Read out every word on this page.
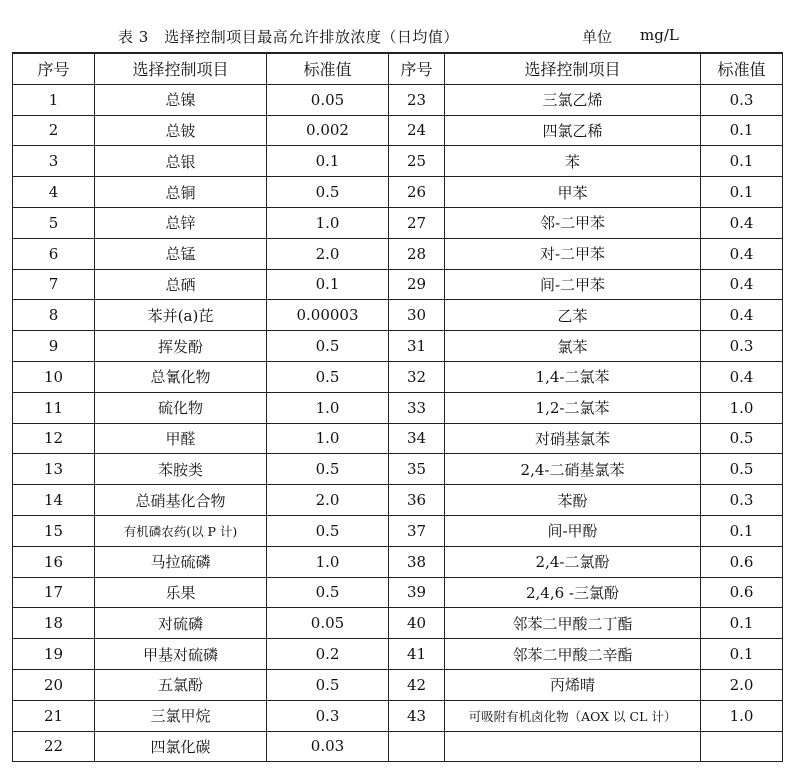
表 3　选择控制项目最高允许排放浓度（日均值）	单位 mg/L
序号	选择控制项目	标准值	序号	选择控制项目	标准值
1	总镍	0.05	23	三氯乙烯	0.3
2	总铍	0.002	24	四氯乙稀	0.1
3	总银	0.1	25	苯	0.1
4	总铜	0.5	26	甲苯	0.1
5	总锌	1.0	27	邻-二甲苯	0.4
6	总锰	2.0	28	对-二甲苯	0.4
7	总硒	0.1	29	间-二甲苯	0.4
8	苯并(a)芘	0.00003	30	乙苯	0.4
9	挥发酚	0.5	31	氯苯	0.3
10	总氰化物	0.5	32	1,4-二氯苯	0.4
11	硫化物	1.0	33	1,2-二氯苯	1.0
12	甲醛	1.0	34	对硝基氯苯	0.5
13	苯胺类	0.5	35	2,4-二硝基氯苯	0.5
14	总硝基化合物	2.0	36	苯酚	0.3
15	有机磷农药(以 P 计)	0.5	37	间-甲酚	0.1
16	马拉硫磷	1.0	38	2,4-二氯酚	0.6
17	乐果	0.5	39	2,4,6 -三氯酚	0.6
18	对硫磷	0.05	40	邻苯二甲酸二丁酯	0.1
19	甲基对硫磷	0.2	41	邻苯二甲酸二辛酯	0.1
20	五氯酚	0.5	42	丙烯晴	2.0
21	三氯甲烷	0.3	43	可吸附有机卤化物（AOX 以 CL 计）	1.0
22	四氯化碳	0.03			
